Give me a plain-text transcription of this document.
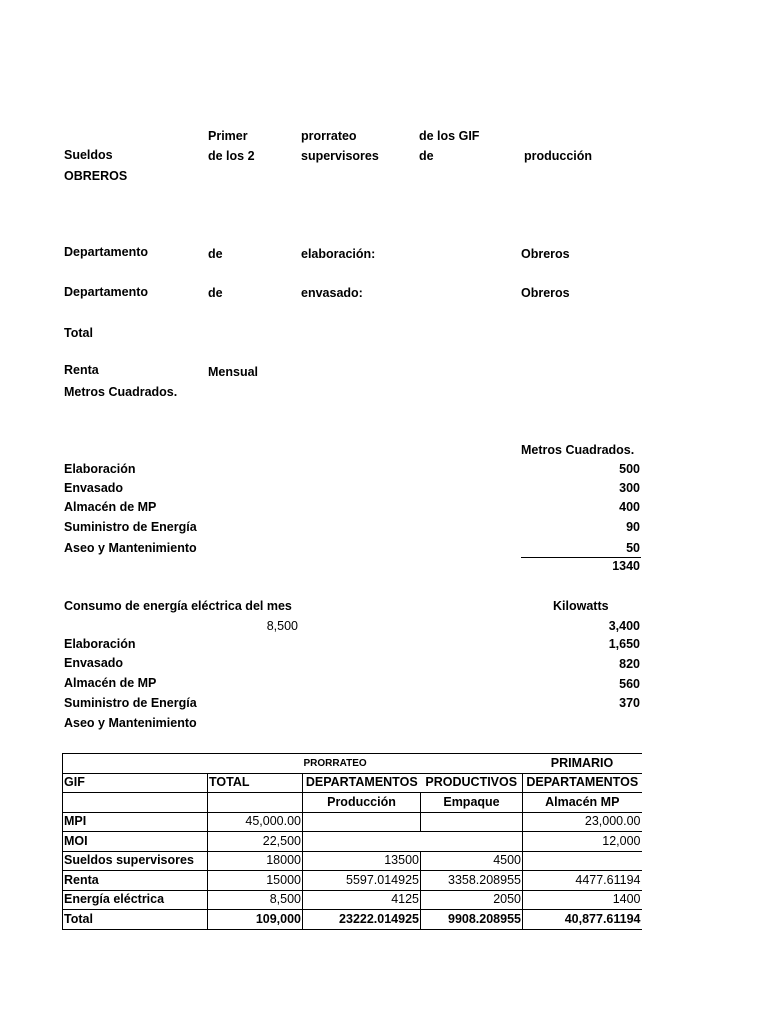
Sueldos
Primer
de los 2
prorrateo
supervisores
de los GIF
de	producción
OBREROS
Departamento	de	elaboración:	Obreros
Departamento	de	envasado:	Obreros
Total
Renta	Mensual
Metros Cuadrados.
Metros Cuadrados.
Elaboración	500
Envasado	300
Almacén de MP	400
Suministro de Energía	90
Aseo y Mantenimiento	50
1340
Consumo de energía eléctrica del mes	Kilowatts
8,500	3,400
Elaboración	1,650
Envasado	820
Almacén de MP	560
Suministro de Energía	370
Aseo y Mantenimiento
		PRORRATEO		PRIMARIO
GIF	TOTAL	DEPARTAMENTOS	PRODUCTIVOS	DEPARTAMENTOS
		Producción	Empaque	Almacén MP
MPI	45,000.00			23,000.00
MOI	22,500			12,000
Sueldos supervisores	18000	13500	4500	
Renta	15000	5597.014925	3358.208955	4477.61194
Energía eléctrica	8,500	4125	2050	1400
Total	109,000	23222.014925	9908.208955	40,877.61194
